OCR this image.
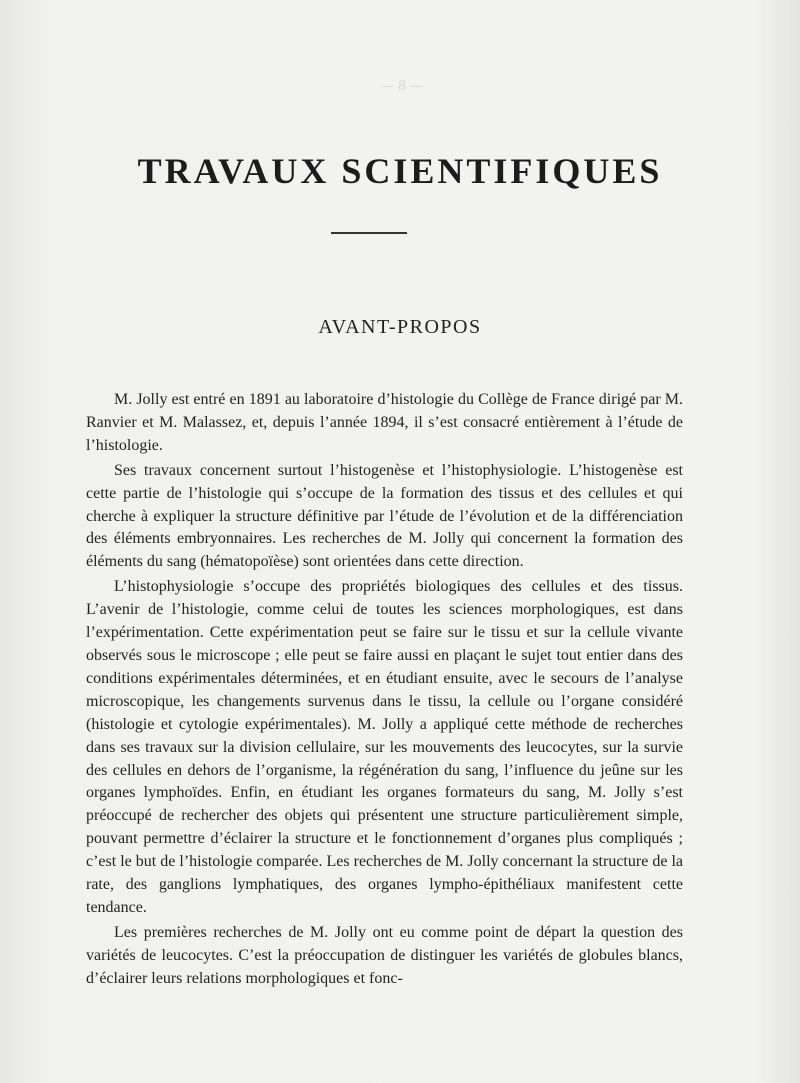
— 8 —
TRAVAUX SCIENTIFIQUES
AVANT-PROPOS

M. Jolly est entré en 1891 au laboratoire d’histologie du Collège de France dirigé par M. Ranvier et M. Malassez, et, depuis l’année 1894, il s’est consacré entièrement à l’étude de l’histologie.

Ses travaux concernent surtout l’histogenèse et l’histophysiologie. L’histogenèse est cette partie de l’histologie qui s’occupe de la formation des tissus et des cellules et qui cherche à expliquer la structure définitive par l’étude de l’évolution et de la différenciation des éléments embryonnaires. Les recherches de M. Jolly qui concernent la formation des éléments du sang (hématopoïèse) sont orientées dans cette direction.

L’histophysiologie s’occupe des propriétés biologiques des cellules et des tissus. L’avenir de l’histologie, comme celui de toutes les sciences morphologiques, est dans l’expérimentation. Cette expérimentation peut se faire sur le tissu et sur la cellule vivante observés sous le microscope ; elle peut se faire aussi en plaçant le sujet tout entier dans des conditions expérimentales déterminées, et en étudiant ensuite, avec le secours de l’analyse microscopique, les changements survenus dans le tissu, la cellule ou l’organe considéré (histologie et cytologie expérimentales). M. Jolly a appliqué cette méthode de recherches dans ses travaux sur la division cellulaire, sur les mouvements des leucocytes, sur la survie des cellules en dehors de l’organisme, la régénération du sang, l’influence du jeûne sur les organes lymphoïdes. Enfin, en étudiant les organes formateurs du sang, M. Jolly s’est préoccupé de rechercher des objets qui présentent une structure particulièrement simple, pouvant permettre d’éclairer la structure et le fonctionnement d’organes plus compliqués ; c’est le but de l’histologie comparée. Les recherches de M. Jolly concernant la structure de la rate, des ganglions lymphatiques, des organes lympho-épithéliaux manifestent cette tendance.

Les premières recherches de M. Jolly ont eu comme point de départ la question des variétés de leucocytes. C’est la préoccupation de distinguer les variétés de globules blancs, d’éclairer leurs relations morphologiques et fonc-
